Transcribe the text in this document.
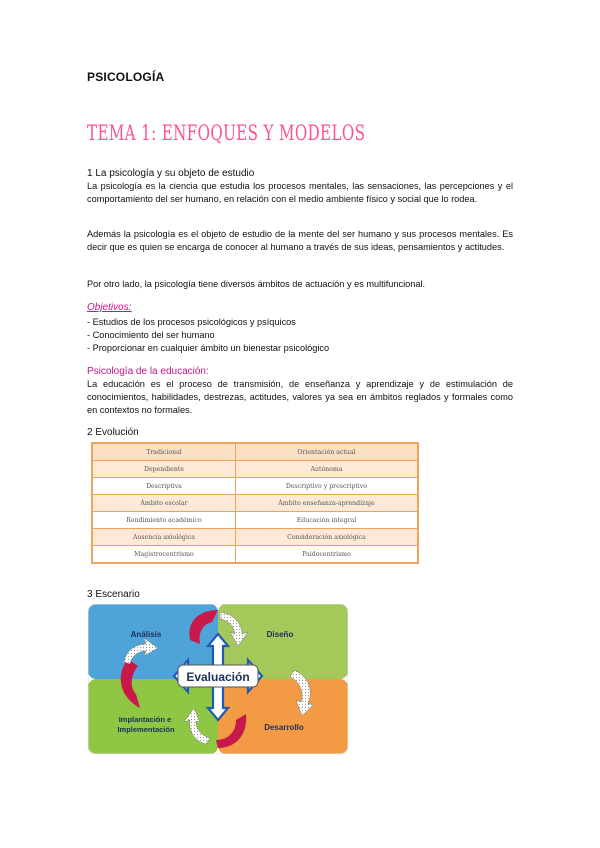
PSICOLOGÍA
TEMA 1: ENFOQUES Y MODELOS
1 La psicología y su objeto de estudio
La psicología es la ciencia que estudia los procesos mentales, las sensaciones, las percepciones y el comportamiento del ser humano, en relación con el medio ambiente físico y social que lo rodea.
Además la psicología es el objeto de estudio de la mente del ser humano y sus procesos mentales. Es decir que es quien se encarga de conocer al humano a través de sus ideas, pensamientos y actitudes.
Por otro lado, la psicología tiene diversos ámbitos de actuación y es multifuncional.
Objetivos:
- Estudios de los procesos psicológicos y psíquicos
- Conocimiento del ser humano
- Proporcionar en cualquier ámbito un bienestar psicológico
Psicología de la educación:
La educación es el proceso de transmisión, de enseñanza y aprendizaje y de estimulación de conocimientos, habilidades, destrezas, actitudes, valores ya sea en ámbitos reglados y formales como en contextos no formales.
2 Evolución
Tradicional	Orientación actual
Dependiente	Autónoma
Descriptiva	Descriptivo y prescriptivo
Ámbito escolar	Ámbito enseñanza-aprendizaje
Rendimiento académico	Educación integral
Ausencia axiológica	Consideración axiológica
Magistrocentrismo	Paidocentrismo
3 Escenario
Evaluación
Análisis	Diseño
Implantación e Implementación	Desarrollo
